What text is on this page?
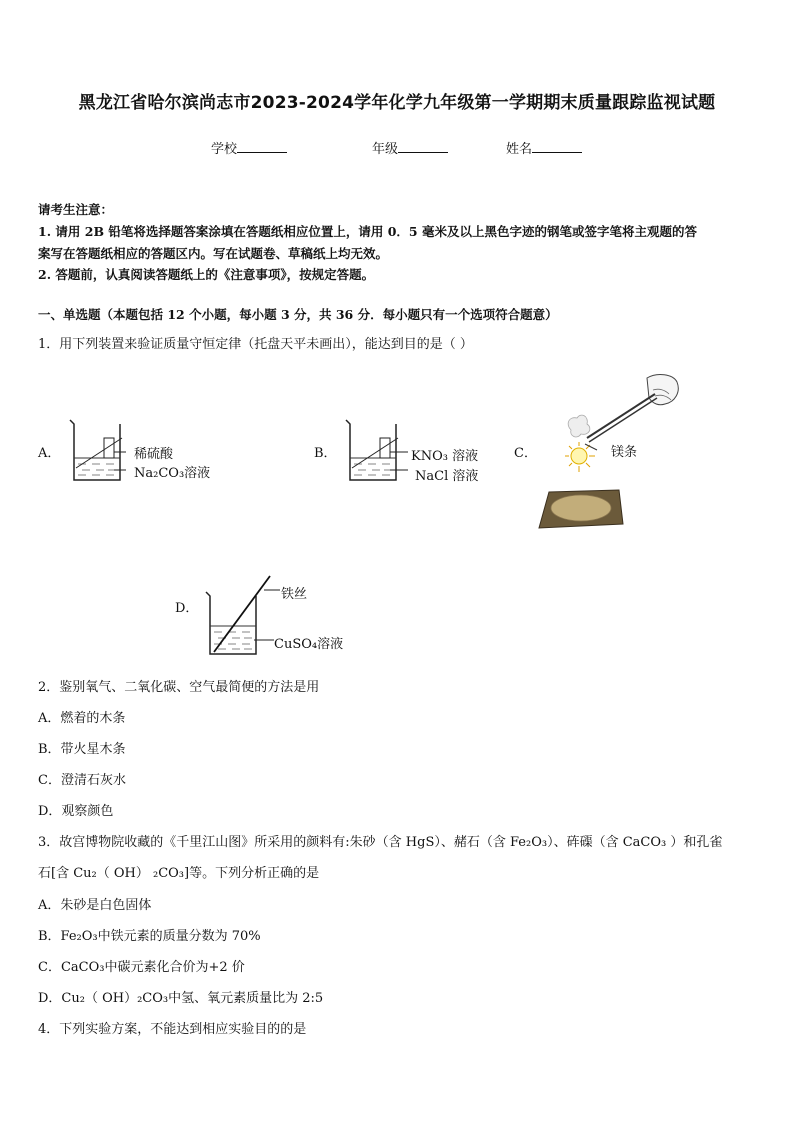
黑龙江省哈尔滨尚志市2023-2024学年化学九年级第一学期期末质量跟踪监视试题
学校	年级	姓名
请考生注意：
1. 请用 2B 铅笔将选择题答案涂填在答题纸相应位置上，请用 0．5 毫米及以上黑色字迹的钢笔或签字笔将主观题的答
案写在答题纸相应的答题区内。写在试题卷、草稿纸上均无效。
2. 答题前，认真阅读答题纸上的《注意事项》，按规定答题。
一、单选题（本题包括 12 个小题，每小题 3 分，共 36 分．每小题只有一个选项符合题意）
1．用下列装置来验证质量守恒定律（托盘天平未画出），能达到目的是（ ）
A．	稀硫酸
Na₂CO₃溶液
B．	KNO₃ 溶液
NaCl 溶液
C．	镁条
D．
铁丝
CuSO₄溶液
2．鉴别氧气、二氧化碳、空气最简便的方法是用
A．燃着的木条
B．带火星木条
C．澄清石灰水
D．观察颜色
3．故宫博物院收藏的《千里江山图》所采用的颜料有:朱砂（含 HgS）、赭石（含 Fe₂O₃）、砗磲（含 CaCO₃ ）和孔雀
石[含 Cu₂（ OH） ₂CO₃]等。下列分析正确的是
A．朱砂是白色固体
B．Fe₂O₃中铁元素的质量分数为 70%
C．CaCO₃中碳元素化合价为+2 价
D．Cu₂（ OH）₂CO₃中氢、氧元素质量比为 2:5
4．下列实验方案，不能达到相应实验目的的是
